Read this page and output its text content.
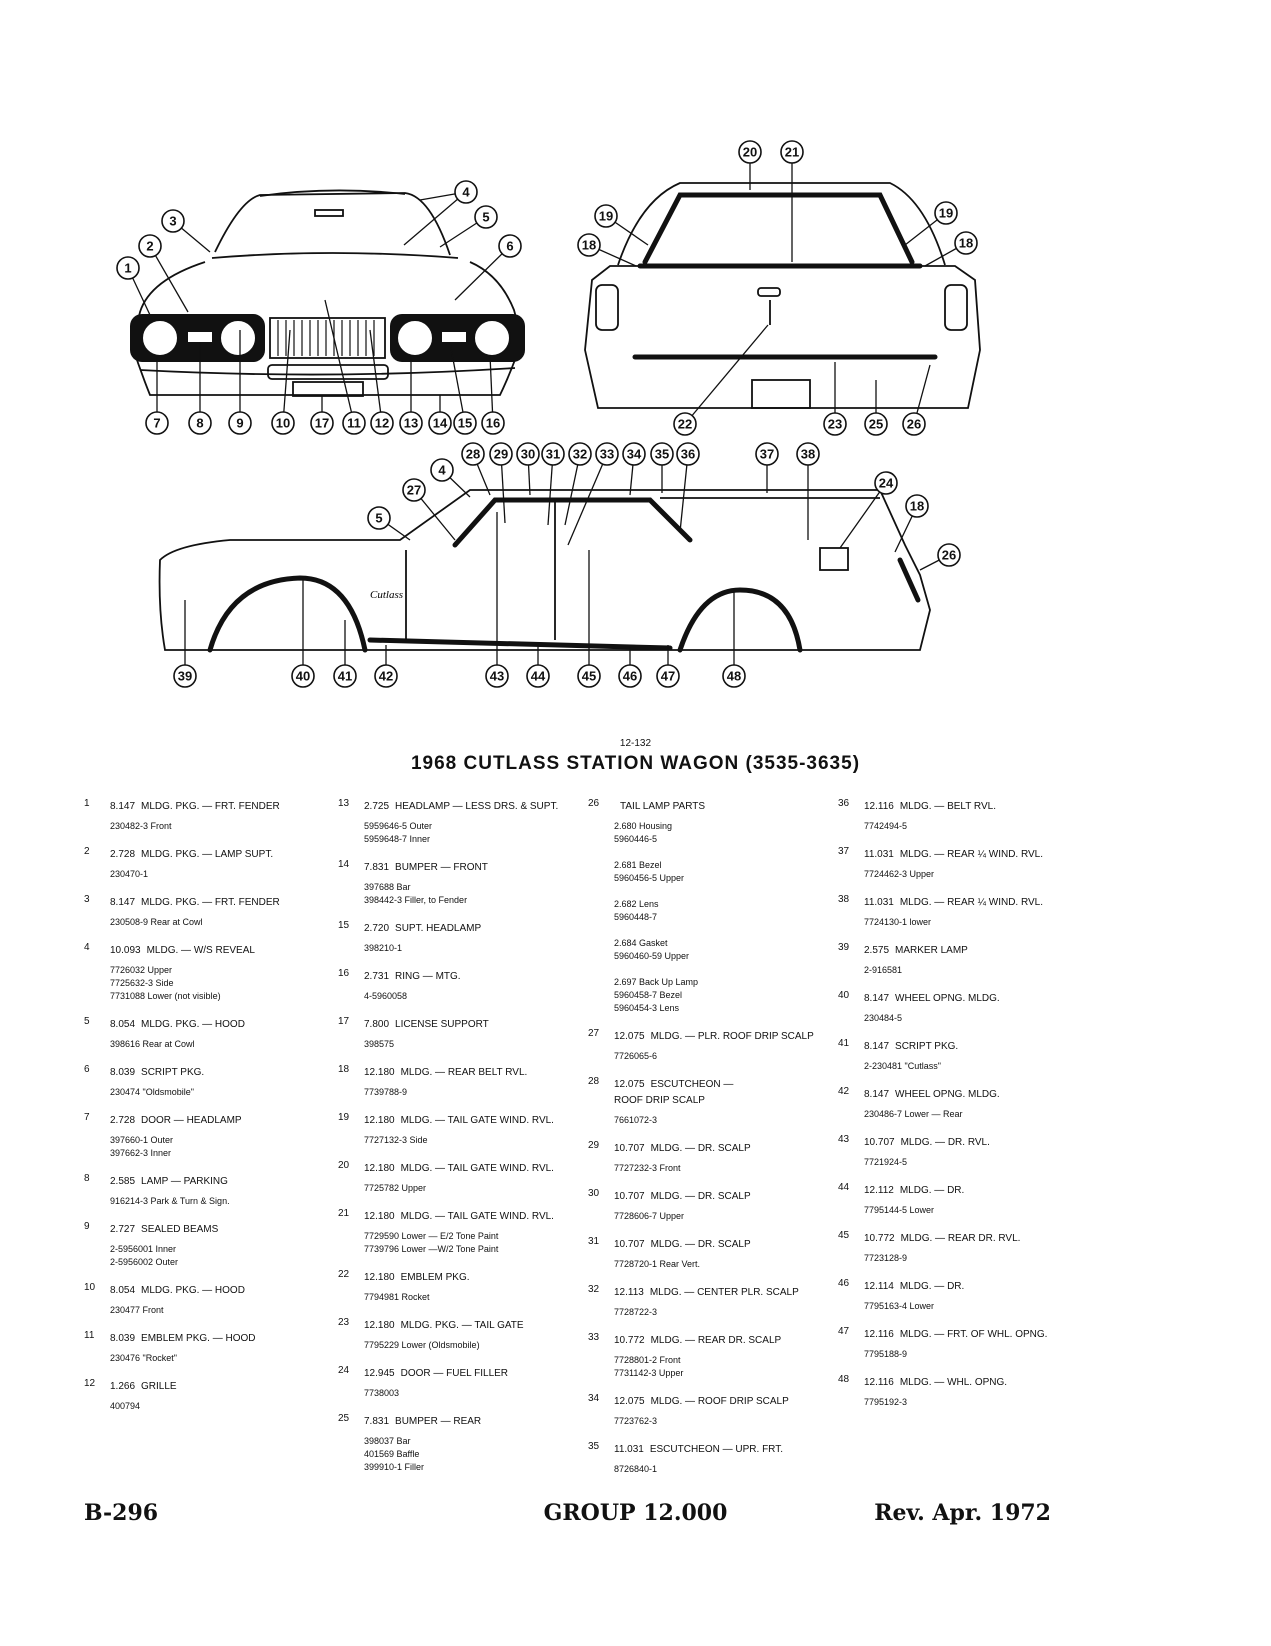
Cutlass
1
2
3
4
5
6
7	8	9 10 17 11 12 13 14 15 16
20 21
19
18
19
18
22	23 25 26
28 29 30 31 32 33 34 35 36	37 38
4
27
5
24
18
26
39	40 41 42	43 44	45 46 47	48
12-132
1968 CUTLASS STATION WAGON (3535-3635)
1	8.147 MLDG. PKG. — FRT. FENDER
230482-3 Front
2	2.728 MLDG. PKG. — LAMP SUPT.
230470-1
3	8.147 MLDG. PKG. — FRT. FENDER
230508-9 Rear at Cowl
4	10.093 MLDG. — W/S REVEAL
7726032 Upper
7725632-3 Side
7731088 Lower (not visible)
5	8.054 MLDG. PKG. — HOOD
398616 Rear at Cowl
6	8.039 SCRIPT PKG.
230474 "Oldsmobile"
7	2.728 DOOR — HEADLAMP
397660-1 Outer
397662-3 Inner
8	2.585 LAMP — PARKING
916214-3 Park & Turn & Sign.
9	2.727 SEALED BEAMS
2-5956001 Inner
2-5956002 Outer
10	8.054 MLDG. PKG. — HOOD
230477 Front
11	8.039 EMBLEM PKG. — HOOD
230476 "Rocket"
12	1.266 GRILLE
400794
13	2.725 HEADLAMP — LESS DRS. & SUPT.
5959646-5 Outer
5959648-7 Inner
14	7.831 BUMPER — FRONT
397688 Bar
398442-3 Filler, to Fender
15	2.720 SUPT. HEADLAMP
398210-1
16	2.731 RING — MTG.
4-5960058
17	7.800 LICENSE SUPPORT
398575
18	12.180 MLDG. — REAR BELT RVL.
7739788-9
19	12.180 MLDG. — TAIL GATE WIND. RVL.
7727132-3 Side
20	12.180 MLDG. — TAIL GATE WIND. RVL.
7725782 Upper
21	12.180 MLDG. — TAIL GATE WIND. RVL.
7729590 Lower — E/2 Tone Paint
7739796 Lower —W/2 Tone Paint
22	12.180 EMBLEM PKG.
7794981 Rocket
23	12.180 MLDG. PKG. — TAIL GATE
7795229 Lower (Oldsmobile)
24	12.945 DOOR — FUEL FILLER
7738003
25	7.831 BUMPER — REAR
398037 Bar
401569 Baffle
399910-1 Filler
26	TAIL LAMP PARTS
2.680 Housing
5960446-5

2.681 Bezel
5960456-5 Upper

2.682 Lens
5960448-7

2.684 Gasket
5960460-59 Upper

2.697 Back Up Lamp
5960458-7 Bezel
5960454-3 Lens
27	12.075 MLDG. — PLR. ROOF DRIP SCALP
7726065-6
28	12.075 ESCUTCHEON —
ROOF DRIP SCALP
7661072-3
29	10.707 MLDG. — DR. SCALP
7727232-3 Front
30	10.707 MLDG. — DR. SCALP
7728606-7 Upper
31	10.707 MLDG. — DR. SCALP
7728720-1 Rear Vert.
32	12.113 MLDG. — CENTER PLR. SCALP
7728722-3
33	10.772 MLDG. — REAR DR. SCALP
7728801-2 Front
7731142-3 Upper
34	12.075 MLDG. — ROOF DRIP SCALP
7723762-3
35	11.031 ESCUTCHEON — UPR. FRT.
8726840-1
36	12.116 MLDG. — BELT RVL.
7742494-5
37	11.031 MLDG. — REAR ¼ WIND. RVL.
7724462-3 Upper
38	11.031 MLDG. — REAR ¼ WIND. RVL.
7724130-1 lower
39	2.575 MARKER LAMP
2-916581
40	8.147 WHEEL OPNG. MLDG.
230484-5
41	8.147 SCRIPT PKG.
2-230481 "Cutlass"
42	8.147 WHEEL OPNG. MLDG.
230486-7 Lower — Rear
43	10.707 MLDG. — DR. RVL.
7721924-5
44	12.112 MLDG. — DR.
7795144-5 Lower
45	10.772 MLDG. — REAR DR. RVL.
7723128-9
46	12.114 MLDG. — DR.
7795163-4 Lower
47	12.116 MLDG. — FRT. OF WHL. OPNG.
7795188-9
48	12.116 MLDG. — WHL. OPNG.
7795192-3
B-296	GROUP 12.000	Rev. Apr. 1972
